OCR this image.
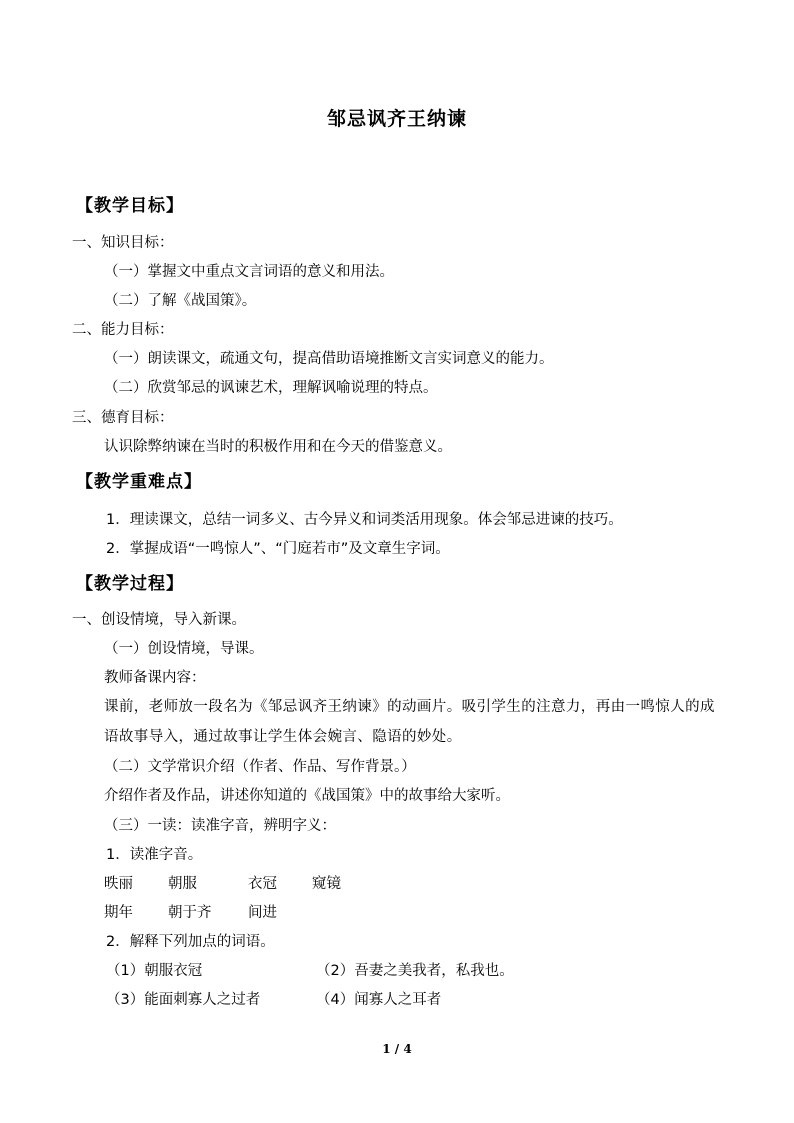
邹忌讽齐王纳谏
【教学目标】
一、知识目标：
（一）掌握文中重点文言词语的意义和用法。
（二）了解《战国策》。
二、能力目标：
（一）朗读课文，疏通文句，提高借助语境推断文言实词意义的能力。
（二）欣赏邹忌的讽谏艺术，理解讽喻说理的特点。
三、德育目标：
认识除弊纳谏在当时的积极作用和在今天的借鉴意义。
【教学重难点】
1．理读课文，总结一词多义、古今异义和词类活用现象。体会邹忌进谏的技巧。
2．掌握成语“一鸣惊人”、“门庭若市”及文章生字词。
【教学过程】
一、创设情境，导入新课。
（一）创设情境，导课。
教师备课内容：
课前，老师放一段名为《邹忌讽齐王纳谏》的动画片。吸引学生的注意力，再由一鸣惊人的成语故事导入，通过故事让学生体会婉言、隐语的妙处。
（二）文学常识介绍（作者、作品、写作背景。）
介绍作者及作品，讲述你知道的《战国策》中的故事给大家听。
（三）一读：读准字音，辨明字义：
1．读准字音。
昳丽 朝服	衣冠 窥镜
期年 朝于齐	间进
2．解释下列加点的词语。
（1）朝服衣冠	（2）吾妻之美我者，私我也。
（3）能面刺寡人之过者	（4）闻寡人之耳者
1 / 4
